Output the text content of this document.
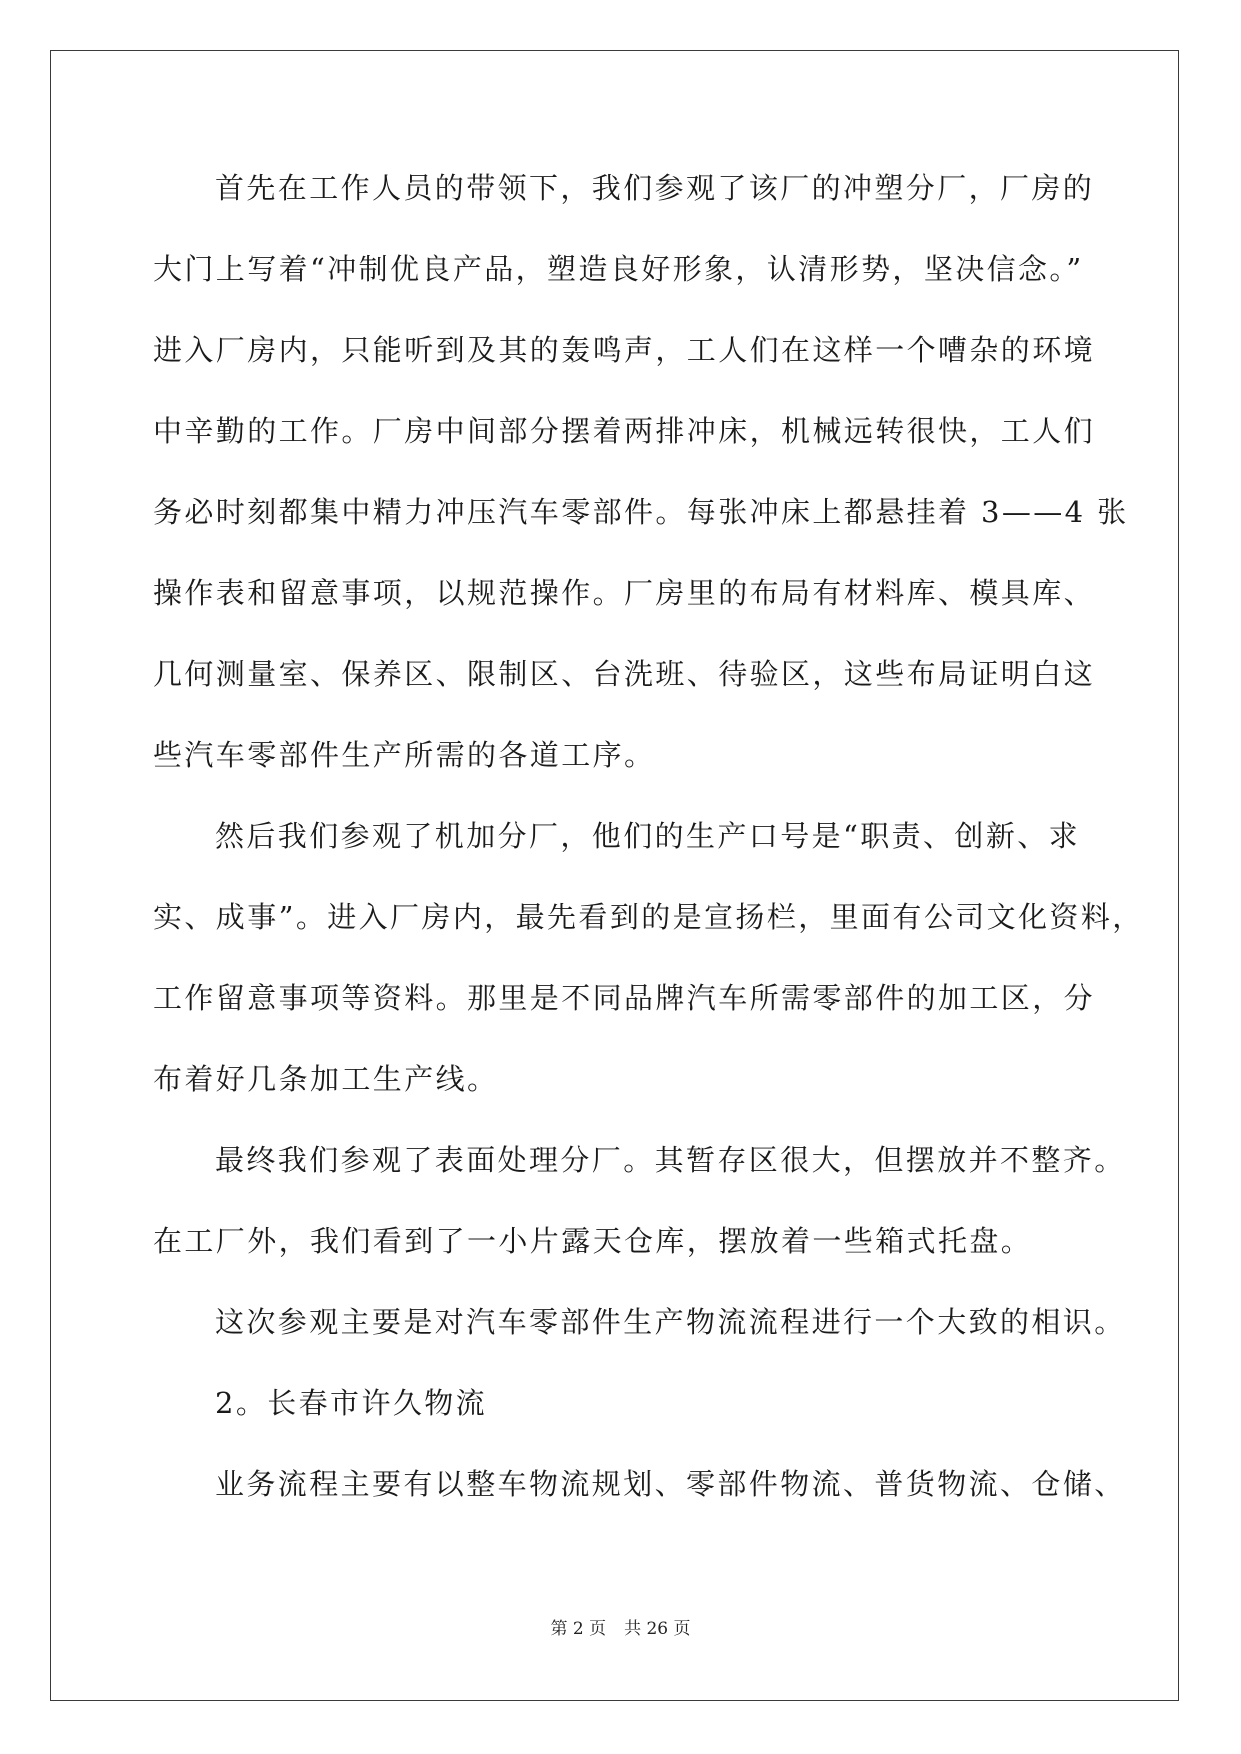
首先在工作人员的带领下，我们参观了该厂的冲塑分厂，厂房的
大门上写着“冲制优良产品，塑造良好形象，认清形势，坚决信念。”
进入厂房内，只能听到及其的轰鸣声，工人们在这样一个嘈杂的环境
中辛勤的工作。厂房中间部分摆着两排冲床，机械远转很快，工人们
务必时刻都集中精力冲压汽车零部件。每张冲床上都悬挂着 3——4 张
操作表和留意事项，以规范操作。厂房里的布局有材料库、模具库、
几何测量室、保养区、限制区、台洗班、待验区，这些布局证明白这
些汽车零部件生产所需的各道工序。
然后我们参观了机加分厂，他们的生产口号是“职责、创新、求
实、成事”。进入厂房内，最先看到的是宣扬栏，里面有公司文化资料，
工作留意事项等资料。那里是不同品牌汽车所需零部件的加工区，分
布着好几条加工生产线。
最终我们参观了表面处理分厂。其暂存区很大，但摆放并不整齐。
在工厂外，我们看到了一小片露天仓库，摆放着一些箱式托盘。
这次参观主要是对汽车零部件生产物流流程进行一个大致的相识。
2。长春市许久物流
业务流程主要有以整车物流规划、零部件物流、普货物流、仓储、
第 2 页 共 26 页
